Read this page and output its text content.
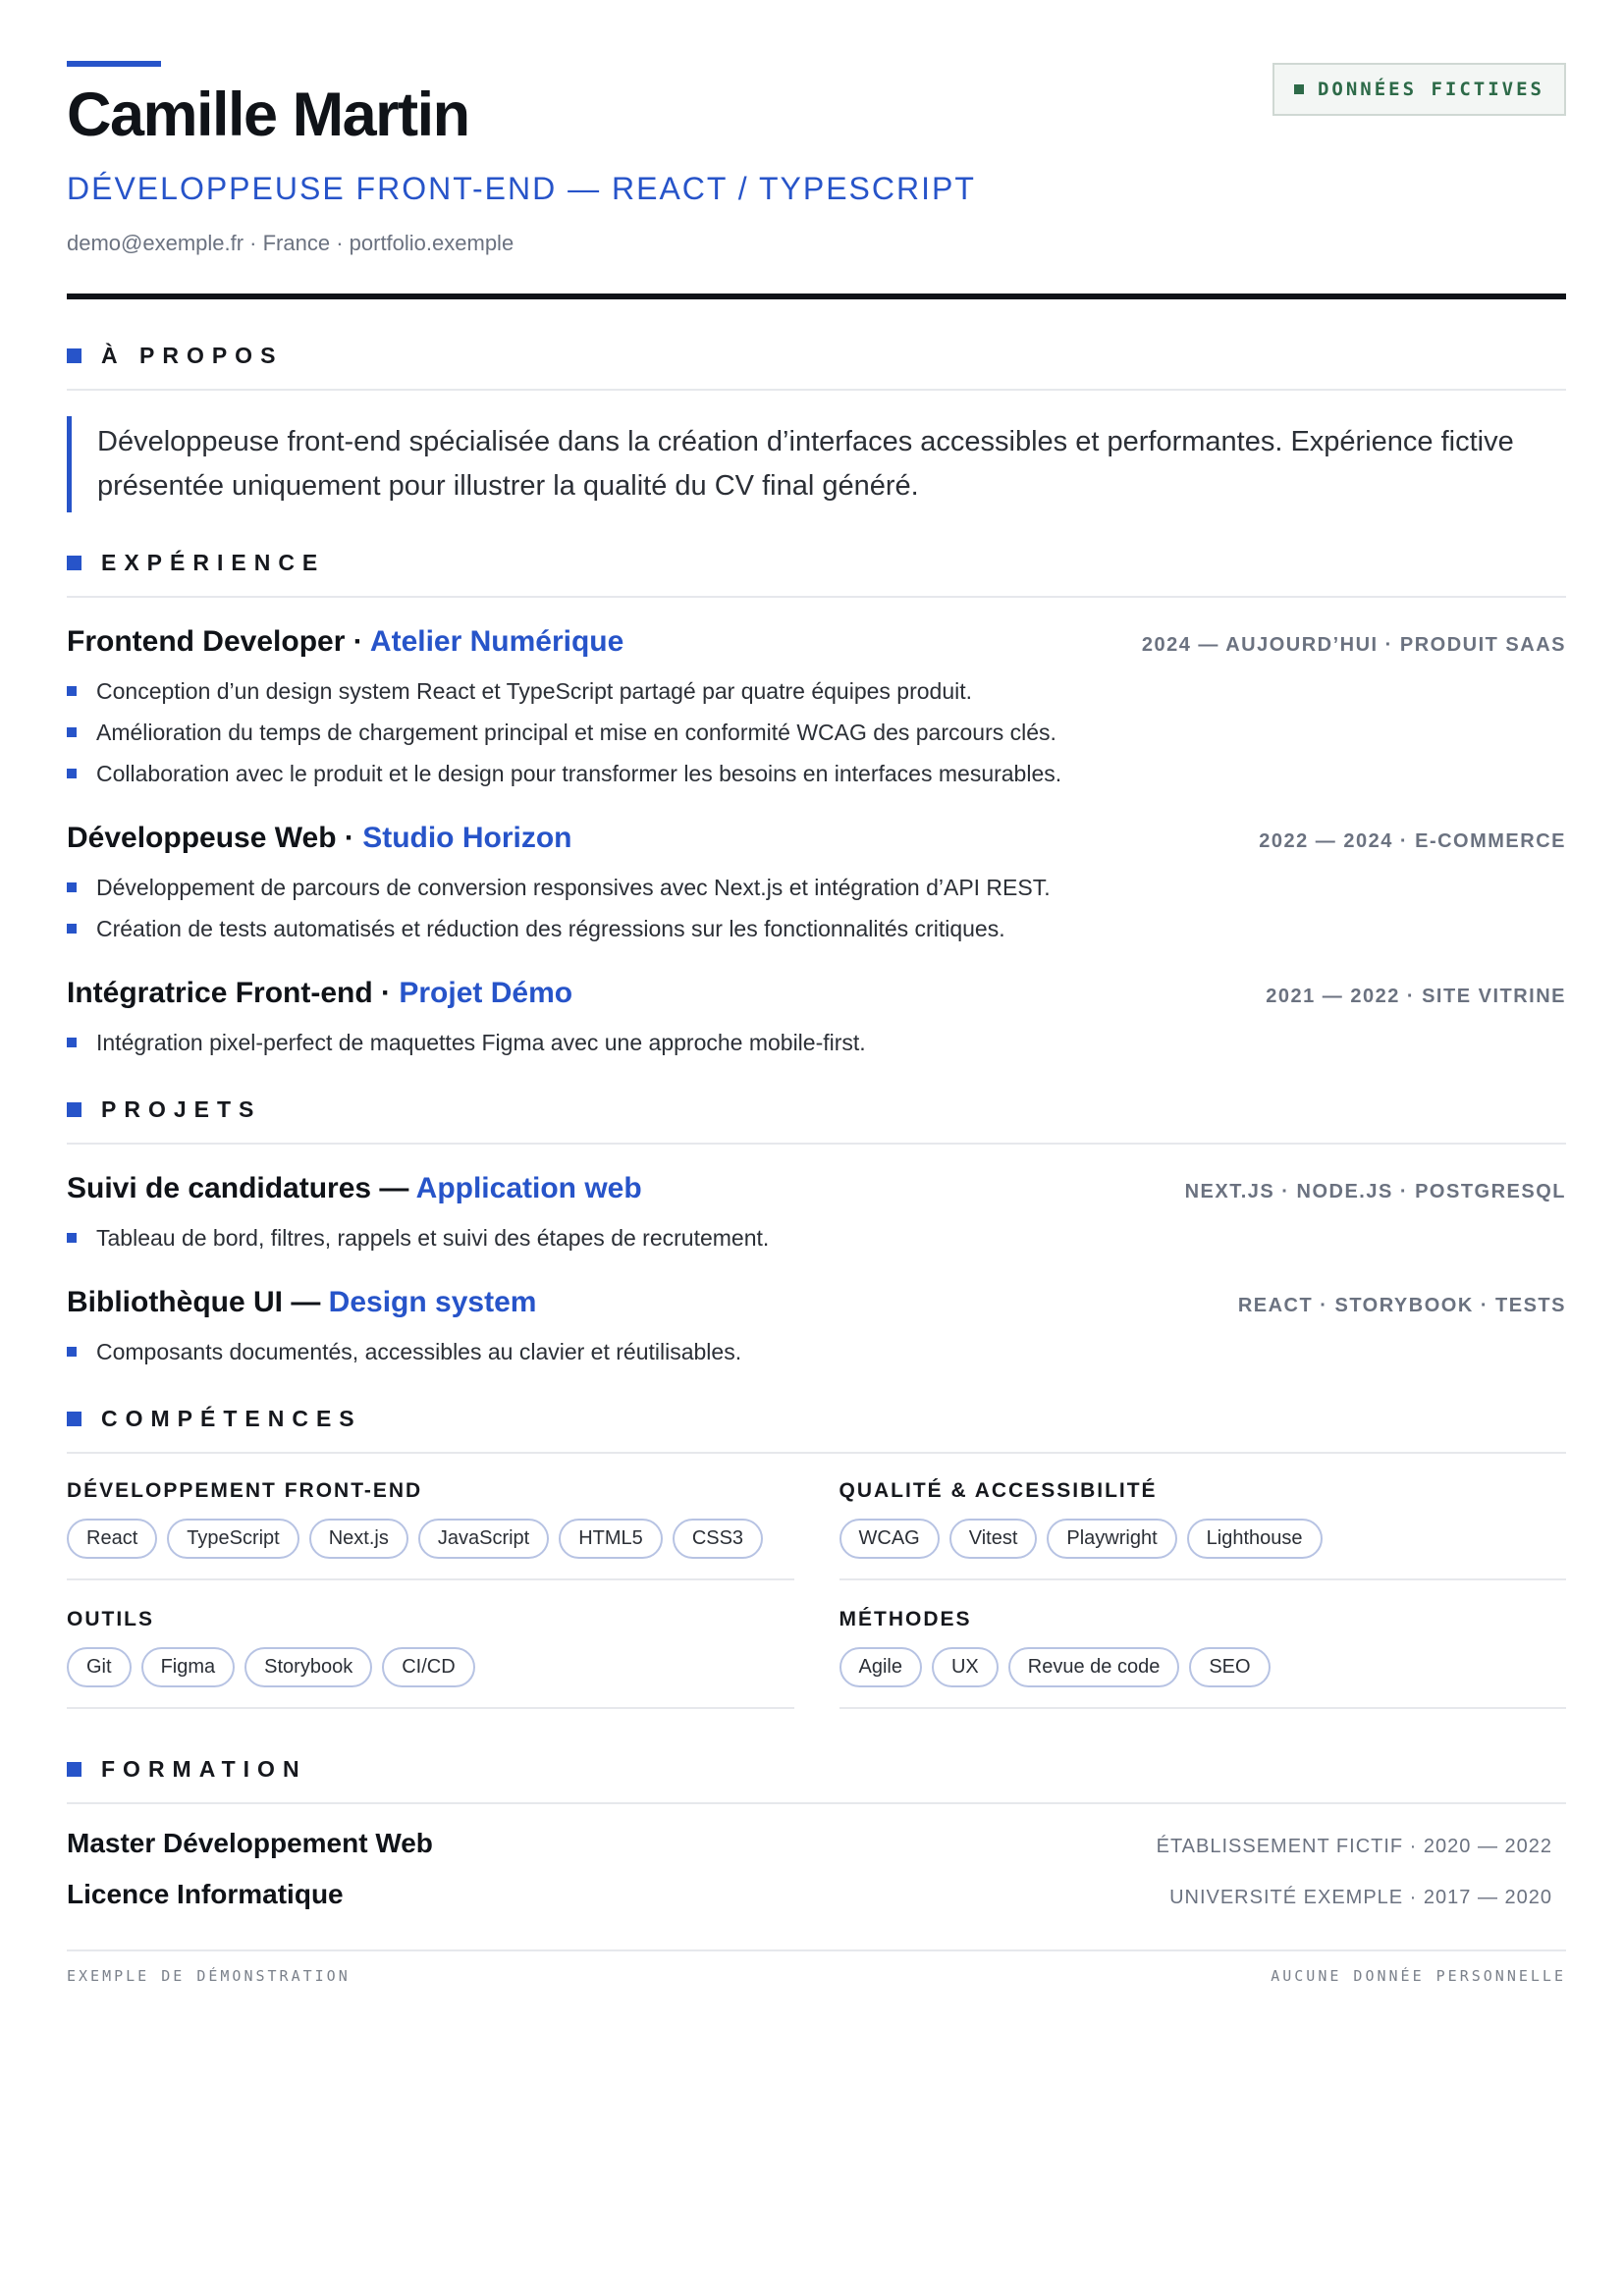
DONNÉES FICTIVES
Camille Martin
DÉVELOPPEUSE FRONT-END — REACT / TYPESCRIPT
demo@exemple.fr · France · portfolio.exemple
À PROPOS

Développeuse front-end spécialisée dans la création d’interfaces accessibles et performantes. Expérience fictive présentée uniquement pour illustrer la qualité du CV final généré.

EXPÉRIENCE
Frontend Developer · Atelier Numérique	2024 — AUJOURD’HUI · PRODUIT SAAS
Conception d’un design system React et TypeScript partagé par quatre équipes produit.
Amélioration du temps de chargement principal et mise en conformité WCAG des parcours clés.
Collaboration avec le produit et le design pour transformer les besoins en interfaces mesurables.
Développeuse Web · Studio Horizon	2022 — 2024 · E-COMMERCE
Développement de parcours de conversion responsives avec Next.js et intégration d’API REST.
Création de tests automatisés et réduction des régressions sur les fonctionnalités critiques.
Intégratrice Front-end · Projet Démo	2021 — 2022 · SITE VITRINE
Intégration pixel-perfect de maquettes Figma avec une approche mobile-first.
PROJETS
Suivi de candidatures — Application web	NEXT.JS · NODE.JS · POSTGRESQL
Tableau de bord, filtres, rappels et suivi des étapes de recrutement.
Bibliothèque UI — Design system	REACT · STORYBOOK · TESTS
Composants documentés, accessibles au clavier et réutilisables.
COMPÉTENCES
DÉVELOPPEMENT FRONT-END
React	TypeScript	Next.js	JavaScript	HTML5	CSS3
QUALITÉ & ACCESSIBILITÉ
WCAG	Vitest	Playwright	Lighthouse
OUTILS
Git	Figma	Storybook	CI/CD
MÉTHODES
Agile	UX	Revue de code	SEO
FORMATION
Master Développement Web	ÉTABLISSEMENT FICTIF · 2020 — 2022
Licence Informatique	UNIVERSITÉ EXEMPLE · 2017 — 2020
EXEMPLE DE DÉMONSTRATION	AUCUNE DONNÉE PERSONNELLE
